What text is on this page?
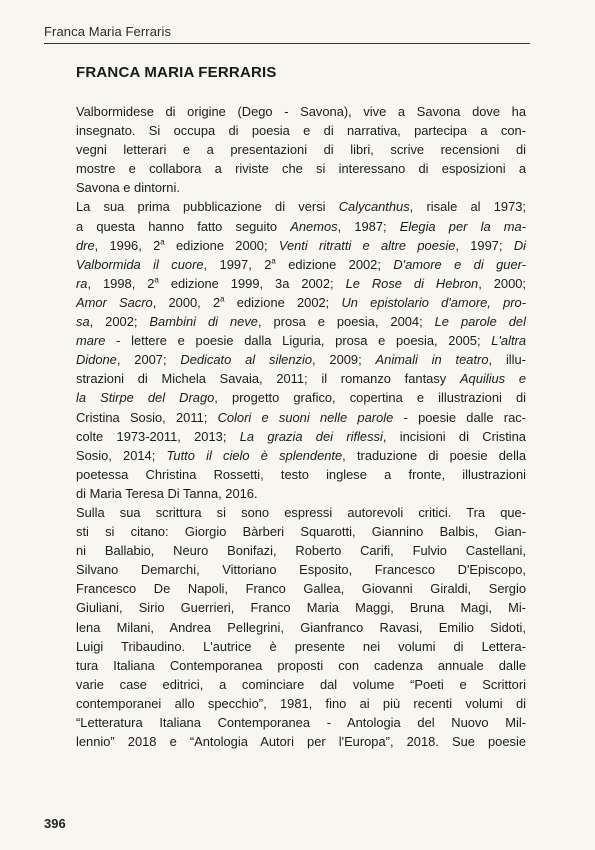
Franca Maria Ferraris
FRANCA MARIA FERRARIS
Valbormidese di origine (Dego - Savona), vive a Savona dove ha
insegnato. Si occupa di poesia e di narrativa, partecipa a con-
vegni letterari e a presentazioni di libri, scrive recensioni di
mostre e collabora a riviste che si interessano di esposizioni a
Savona e dintorni.
La sua prima pubblicazione di versi Calycanthus, risale al 1973;
a questa hanno fatto seguito Anemos, 1987; Elegia per la ma-
dre, 1996, 2$^a$ edizione 2000; Venti ritratti e altre poesie, 1997; Di
Valbormida il cuore, 1997, 2$^a$ edizione 2002; D'amore e di guer-
ra, 1998, 2$^a$ edizione 1999, 3a 2002; Le Rose di Hebron, 2000;
Amor Sacro, 2000, 2$^a$ edizione 2002; Un epistolario d'amore, pro-
sa, 2002; Bambini di neve, prosa e poesia, 2004; Le parole del
mare - lettere e poesie dalla Liguria, prosa e poesia, 2005; L'altra
Didone, 2007; Dedicato al silenzio, 2009; Animali in teatro, illu-
strazioni di Michela Savaia, 2011; il romanzo fantasy Aquilius e
la Stirpe del Drago, progetto grafico, copertina e illustrazioni di
Cristina Sosio, 2011; Colori e suoni nelle parole - poesie dalle rac-
colte 1973-2011, 2013; La grazia dei riflessi, incisioni di Cristina
Sosio, 2014; Tutto il cielo è splendente, traduzione di poesie della
poetessa Christina Rossetti, testo inglese a fronte, illustrazioni
di Maria Teresa Di Tanna, 2016.
Sulla sua scrittura si sono espressi autorevoli critici. Tra que-
sti si citano: Giorgio Bàrberi Squarotti, Giannino Balbis, Gian-
ni Ballabio, Neuro Bonifazi, Roberto Carifi, Fulvio Castellani,
Silvano Demarchi, Vittoriano Esposito, Francesco D'Episcopo,
Francesco De Napoli, Franco Gallea, Giovanni Giraldi, Sergio
Giuliani, Sirio Guerrieri, Franco Maria Maggi, Bruna Magi, Mi-
lena Milani, Andrea Pellegrini, Gianfranco Ravasi, Emilio Sidoti,
Luigi Tribaudino. L'autrice è presente nei volumi di Lettera-
tura Italiana Contemporanea proposti con cadenza annuale dalle
varie case editrici, a cominciare dal volume “Poeti e Scrittori
contemporanei allo specchio”, 1981, fino ai più recenti volumi di
“Letteratura Italiana Contemporanea - Antologia del Nuovo Mil-
lennio” 2018 e “Antologia Autori per l'Europa”, 2018. Sue poesie
396
